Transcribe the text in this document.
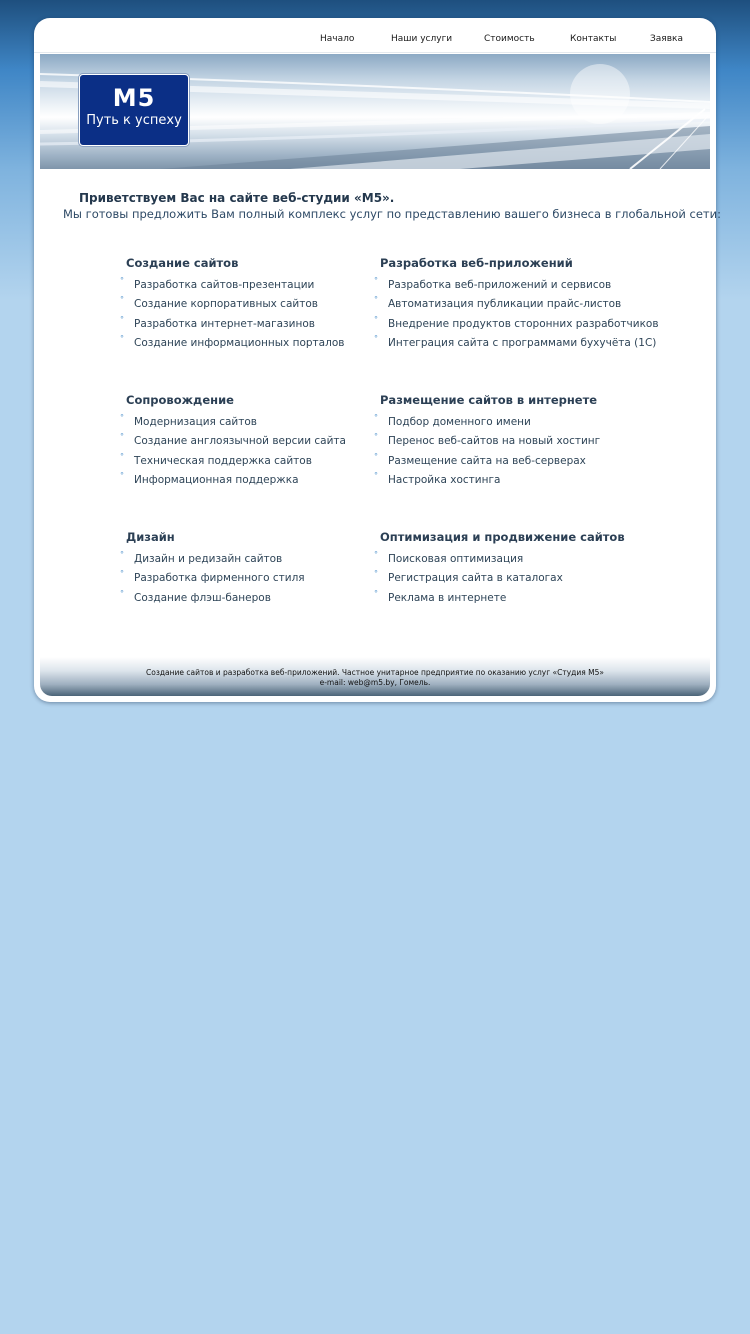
Начало	Наши услуги	Стоимость	Контакты	Заявка
M5
Путь к успеху
Приветствуем Вас на сайте веб-студии «M5».
Мы готовы предложить Вам полный комплекс услуг по представлению вашего бизнеса в глобальной сети:
Создание сайтов
° Разработка сайтов-презентации
° Создание корпоративных сайтов
° Разработка интернет-магазинов
° Создание информационных порталов
Разработка веб-приложений
° Разработка веб-приложений и сервисов
° Автоматизация публикации прайс-листов
° Внедрение продуктов сторонних разработчиков
° Интеграция сайта с программами бухучёта (1С)
Сопровождение
° Модернизация сайтов
° Создание англоязычной версии сайта
° Техническая поддержка сайтов
° Информационная поддержка
Размещение сайтов в интернете
° Подбор доменного имени
° Перенос веб-сайтов на новый хостинг
° Размещение сайта на веб-серверах
° Настройка хостинга
Дизайн
° Дизайн и редизайн сайтов
° Разработка фирменного стиля
° Создание флэш-банеров
Оптимизация и продвижение сайтов
° Поисковая оптимизация
° Регистрация сайта в каталогах
° Реклама в интернете
Создание сайтов и разработка веб-приложений. Частное унитарное предприятие по оказанию услуг «Студия M5»
e-mail: web@m5.by, Гомель.
